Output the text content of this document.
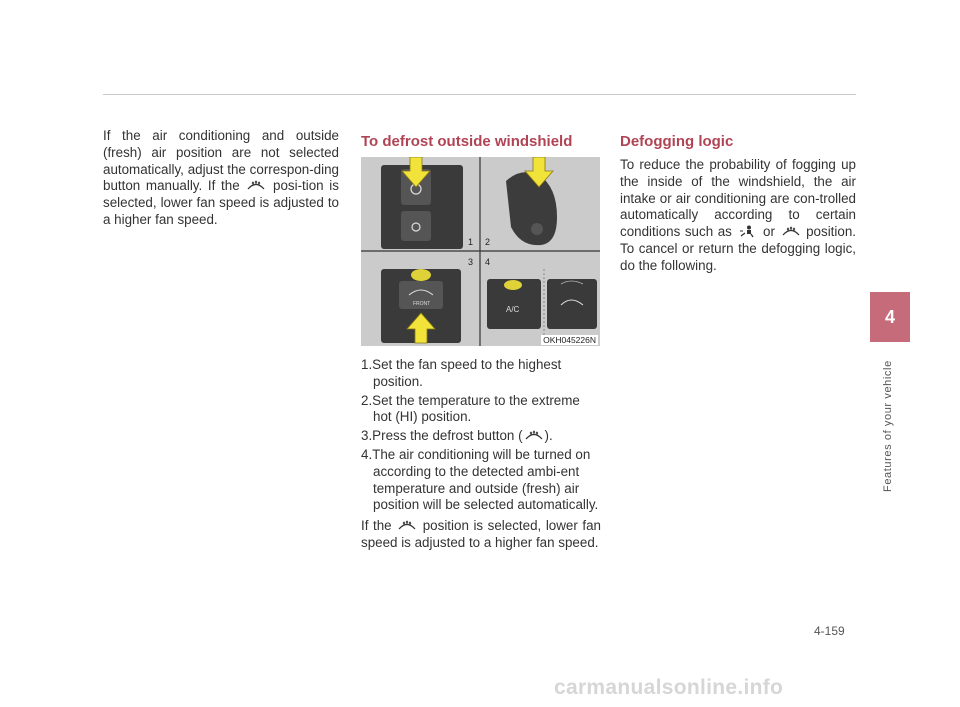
If the air conditioning and outside (fresh) air position are not selected automatically, adjust the correspon-ding button manually. If the posi-tion is selected, lower fan speed is adjusted to a higher fan speed.

To defrost outside windshield
1 2
3 4
FRONT
A/C
OKH045226N
1.Set the fan speed to the highest position.
2.Set the temperature to the extreme hot (HI) position.
3.Press the defrost button ( ).
4.The air conditioning will be turned on according to the detected ambi-ent temperature and outside (fresh) air position will be selected automatically.

If the position is selected, lower fan speed is adjusted to a higher fan speed.

Defogging logic

To reduce the probability of fogging up the inside of the windshield, the air intake or air conditioning are con-trolled automatically according to certain conditions such as or position. To cancel or return the defogging logic, do the following.

4
Features of your vehicle
4-159
carmanualsonline.info
